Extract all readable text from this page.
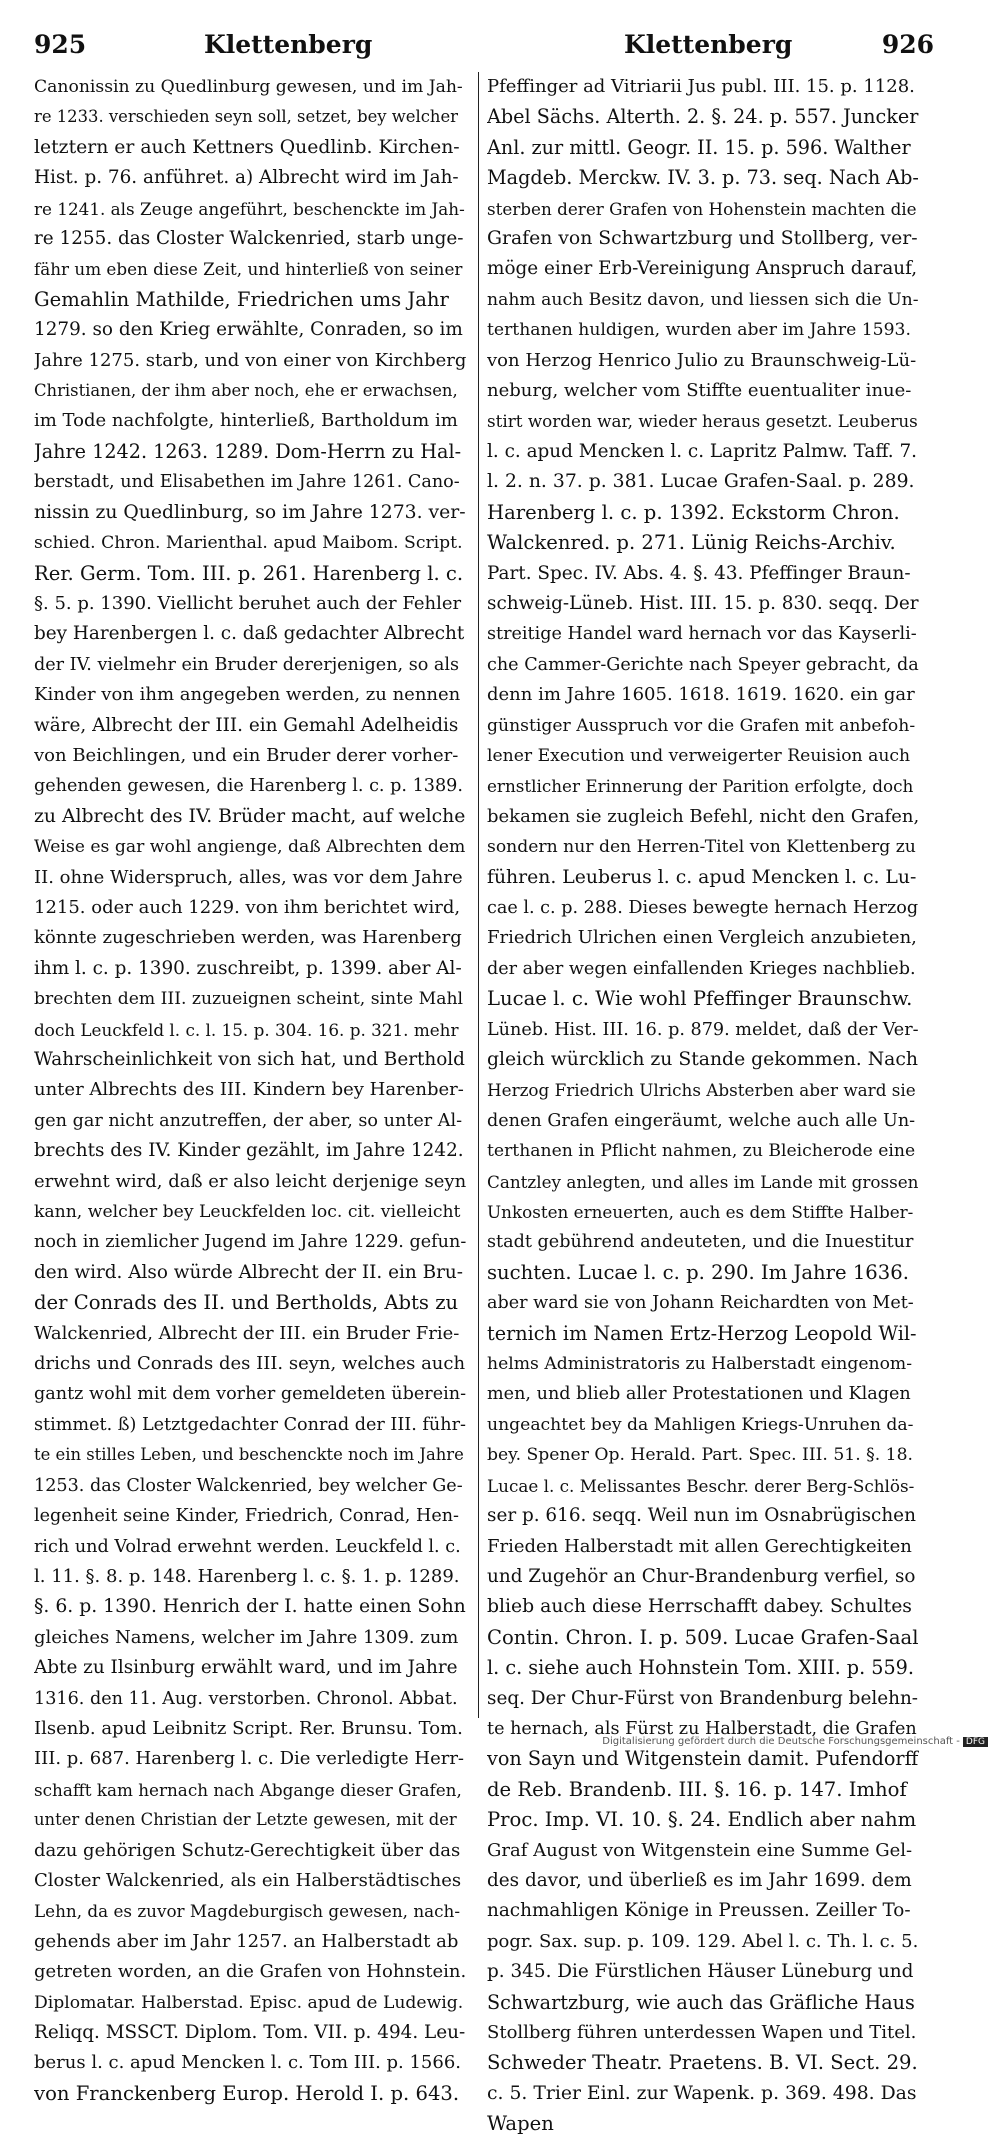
925	Klettenberg	Klettenberg	926
Canonissin zu Quedlinburg gewesen, und im Jah-
re 1233. verschieden seyn soll, setzet, bey welcher
letztern er auch Kettners Quedlinb. Kirchen-
Hist. p. 76. anführet. a) Albrecht wird im Jah-
re 1241. als Zeuge angeführt, beschenckte im Jah-
re 1255. das Closter Walckenried, starb unge-
fähr um eben diese Zeit, und hinterließ von seiner
Gemahlin Mathilde, Friedrichen ums Jahr
1279. so den Krieg erwählte, Conraden, so im
Jahre 1275. starb, und von einer von Kirchberg
Christianen, der ihm aber noch, ehe er erwachsen,
im Tode nachfolgte, hinterließ, Bartholdum im
Jahre 1242. 1263. 1289. Dom-Herrn zu Hal-
berstadt, und Elisabethen im Jahre 1261. Cano-
nissin zu Quedlinburg, so im Jahre 1273. ver-
schied. Chron. Marienthal. apud Maibom. Script.
Rer. Germ. Tom. III. p. 261. Harenberg l. c.
§. 5. p. 1390. Viellicht beruhet auch der Fehler
bey Harenbergen l. c. daß gedachter Albrecht
der IV. vielmehr ein Bruder dererjenigen, so als
Kinder von ihm angegeben werden, zu nennen
wäre, Albrecht der III. ein Gemahl Adelheidis
von Beichlingen, und ein Bruder derer vorher-
gehenden gewesen, die Harenberg l. c. p. 1389.
zu Albrecht des IV. Brüder macht, auf welche
Weise es gar wohl angienge, daß Albrechten dem
II. ohne Widerspruch, alles, was vor dem Jahre
1215. oder auch 1229. von ihm berichtet wird,
könnte zugeschrieben werden, was Harenberg
ihm l. c. p. 1390. zuschreibt, p. 1399. aber Al-
brechten dem III. zuzueignen scheint, sinte Mahl
doch Leuckfeld l. c. l. 15. p. 304. 16. p. 321. mehr
Wahrscheinlichkeit von sich hat, und Berthold
unter Albrechts des III. Kindern bey Harenber-
gen gar nicht anzutreffen, der aber, so unter Al-
brechts des IV. Kinder gezählt, im Jahre 1242.
erwehnt wird, daß er also leicht derjenige seyn
kann, welcher bey Leuckfelden loc. cit. vielleicht
noch in ziemlicher Jugend im Jahre 1229. gefun-
den wird. Also würde Albrecht der II. ein Bru-
der Conrads des II. und Bertholds, Abts zu
Walckenried, Albrecht der III. ein Bruder Frie-
drichs und Conrads des III. seyn, welches auch
gantz wohl mit dem vorher gemeldeten überein-
stimmet. ß) Letztgedachter Conrad der III. führ-
te ein stilles Leben, und beschenckte noch im Jahre
1253. das Closter Walckenried, bey welcher Ge-
legenheit seine Kinder, Friedrich, Conrad, Hen-
rich und Volrad erwehnt werden. Leuckfeld l. c.
l. 11. §. 8. p. 148. Harenberg l. c. §. 1. p. 1289.
§. 6. p. 1390. Henrich der I. hatte einen Sohn
gleiches Namens, welcher im Jahre 1309. zum
Abte zu Ilsinburg erwählt ward, und im Jahre
1316. den 11. Aug. verstorben. Chronol. Abbat.
Ilsenb. apud Leibnitz Script. Rer. Brunsu. Tom.
III. p. 687. Harenberg l. c. Die verledigte Herr-
schafft kam hernach nach Abgange dieser Grafen,
unter denen Christian der Letzte gewesen, mit der
dazu gehörigen Schutz-Gerechtigkeit über das
Closter Walckenried, als ein Halberstädtisches
Lehn, da es zuvor Magdeburgisch gewesen, nach-
gehends aber im Jahr 1257. an Halberstadt ab
getreten worden, an die Grafen von Hohnstein.
Diplomatar. Halberstad. Episc. apud de Ludewig.
Reliqq. MSSCT. Diplom. Tom. VII. p. 494. Leu-
berus l. c. apud Mencken l. c. Tom III. p. 1566.
von Franckenberg Europ. Herold I. p. 643.
Pfeffinger ad Vitriarii Jus publ. III. 15. p. 1128.
Abel Sächs. Alterth. 2. §. 24. p. 557. Juncker
Anl. zur mittl. Geogr. II. 15. p. 596. Walther
Magdeb. Merckw. IV. 3. p. 73. seq. Nach Ab-
sterben derer Grafen von Hohenstein machten die
Grafen von Schwartzburg und Stollberg, ver-
möge einer Erb-Vereinigung Anspruch darauf,
nahm auch Besitz davon, und liessen sich die Un-
terthanen huldigen, wurden aber im Jahre 1593.
von Herzog Henrico Julio zu Braunschweig-Lü-
neburg, welcher vom Stiffte euentualiter inue-
stirt worden war, wieder heraus gesetzt. Leuberus
l. c. apud Mencken l. c. Lapritz Palmw. Taff. 7.
l. 2. n. 37. p. 381. Lucae Grafen-Saal. p. 289.
Harenberg l. c. p. 1392. Eckstorm Chron.
Walckenred. p. 271. Lünig Reichs-Archiv.
Part. Spec. IV. Abs. 4. §. 43. Pfeffinger Braun-
schweig-Lüneb. Hist. III. 15. p. 830. seqq. Der
streitige Handel ward hernach vor das Kayserli-
che Cammer-Gerichte nach Speyer gebracht, da
denn im Jahre 1605. 1618. 1619. 1620. ein gar
günstiger Ausspruch vor die Grafen mit anbefoh-
lener Execution und verweigerter Reuision auch
ernstlicher Erinnerung der Parition erfolgte, doch
bekamen sie zugleich Befehl, nicht den Grafen,
sondern nur den Herren-Titel von Klettenberg zu
führen. Leuberus l. c. apud Mencken l. c. Lu-
cae l. c. p. 288. Dieses bewegte hernach Herzog
Friedrich Ulrichen einen Vergleich anzubieten,
der aber wegen einfallenden Krieges nachblieb.
Lucae l. c. Wie wohl Pfeffinger Braunschw.
Lüneb. Hist. III. 16. p. 879. meldet, daß der Ver-
gleich würcklich zu Stande gekommen. Nach
Herzog Friedrich Ulrichs Absterben aber ward sie
denen Grafen eingeräumt, welche auch alle Un-
terthanen in Pflicht nahmen, zu Bleicherode eine
Cantzley anlegten, und alles im Lande mit grossen
Unkosten erneuerten, auch es dem Stiffte Halber-
stadt gebührend andeuteten, und die Inuestitur
suchten. Lucae l. c. p. 290. Im Jahre 1636.
aber ward sie von Johann Reichardten von Met-
ternich im Namen Ertz-Herzog Leopold Wil-
helms Administratoris zu Halberstadt eingenom-
men, und blieb aller Protestationen und Klagen
ungeachtet bey da Mahligen Kriegs-Unruhen da-
bey. Spener Op. Herald. Part. Spec. III. 51. §. 18.
Lucae l. c. Melissantes Beschr. derer Berg-Schlös-
ser p. 616. seqq. Weil nun im Osnabrügischen
Frieden Halberstadt mit allen Gerechtigkeiten
und Zugehör an Chur-Brandenburg verfiel, so
blieb auch diese Herrschafft dabey. Schultes
Contin. Chron. I. p. 509. Lucae Grafen-Saal
l. c. siehe auch Hohnstein Tom. XIII. p. 559.
seq. Der Chur-Fürst von Brandenburg belehn-
te hernach, als Fürst zu Halberstadt, die Grafen
von Sayn und Witgenstein damit. Pufendorff
de Reb. Brandenb. III. §. 16. p. 147. Imhof
Proc. Imp. VI. 10. §. 24. Endlich aber nahm
Graf August von Witgenstein eine Summe Gel-
des davor, und überließ es im Jahr 1699. dem
nachmahligen Könige in Preussen. Zeiller To-
pogr. Sax. sup. p. 109. 129. Abel l. c. Th. l. c. 5.
p. 345. Die Fürstlichen Häuser Lüneburg und
Schwartzburg, wie auch das Gräfliche Haus
Stollberg führen unterdessen Wapen und Titel.
Schweder Theatr. Praetens. B. VI. Sect. 29.
c. 5. Trier Einl. zur Wapenk. p. 369. 498. Das
Wapen
Digitalisierung gefördert durch die Deutsche Forschungsgemeinschaft - DFG
